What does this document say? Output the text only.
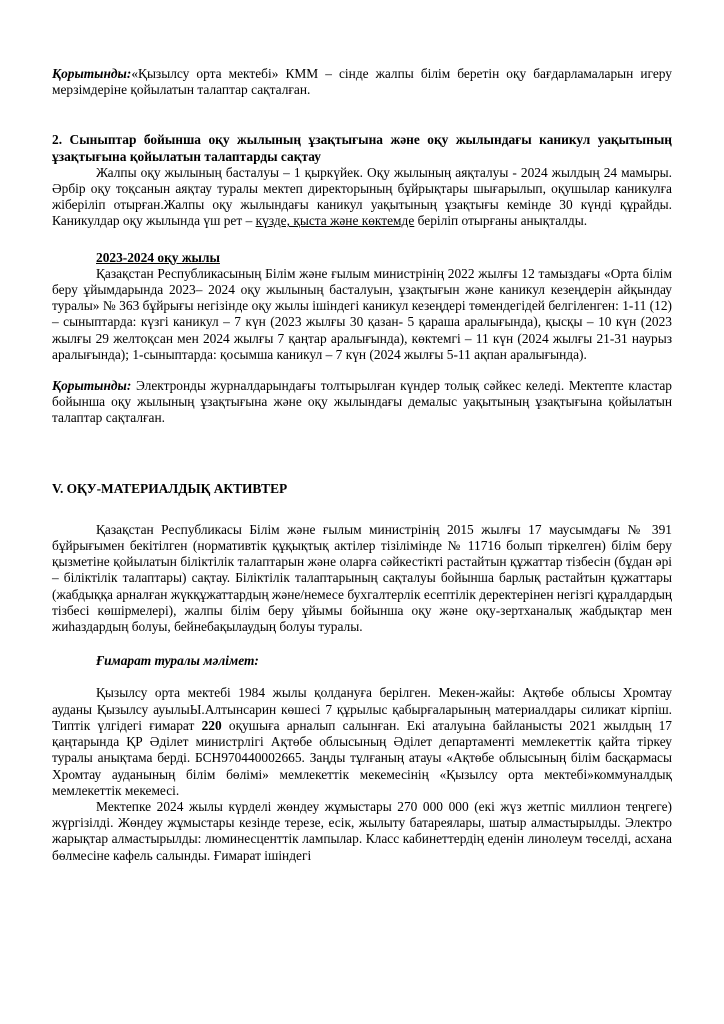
Қорытынды:«Қызылсу орта мектебі» КММ – сінде жалпы білім беретін оқу бағдарламаларын игеру мерзімдеріне қойылатын талаптар сақталған.

2. Сыныптар бойынша оқу жылының ұзақтығына және оқу жылындағы каникул уақытының ұзақтығына қойылатын талаптарды сақтау

Жалпы оқу жылының басталуы – 1 қыркүйек. Оқу жылының аяқталуы - 2024 жылдың 24 мамыры. Әрбір оқу тоқсанын аяқтау туралы мектеп директорының бұйрықтары шығарылып, оқушылар каникулға жіберіліп отырған.Жалпы оқу жылындағы каникул уақытының ұзақтығы кемінде 30 күнді құрайды. Каникулдар оқу жылында үш рет – күзде, қыста және көктемде беріліп отырғаны анықталды.

2023-2024 оқу жылы

Қазақстан Республикасының Білім және ғылым министрінің 2022 жылғы 12 тамыздағы «Орта білім беру ұйымдарында 2023– 2024 оқу жылының басталуын, ұзақтығын және каникул кезеңдерін айқындау туралы» № 363 бұйрығы негізінде оқу жылы ішіндегі каникул кезеңдері төмендегідей белгіленген: 1-11 (12) – сыныптарда: күзгі каникул – 7 күн (2023 жылғы 30 қазан- 5 қараша аралығында), қысқы – 10 күн (2023 жылғы 29 желтоқсан мен 2024 жылғы 7 қаңтар аралығында), көктемгі – 11 күн (2024 жылғы 21-31 наурыз аралығында); 1-сыныптарда: қосымша каникул – 7 күн (2024 жылғы 5-11 ақпан аралығында).

Қорытынды: Электронды журналдарындағы толтырылған күндер толық сәйкес келеді. Мектепте кластар бойынша оқу жылының ұзақтығына және оқу жылындағы демалыс уақытының ұзақтығына қойылатын талаптар сақталған.

V. ОҚУ-МАТЕРИАЛДЫҚ АКТИВТЕР

Қазақстан Республикасы Білім және ғылым министрінің 2015 жылғы 17 маусымдағы № 391 бұйрығымен бекітілген (нормативтік құқықтық актілер тізілімінде № 11716 болып тіркелген) білім беру қызметіне қойылатын біліктілік талаптарын және оларға сәйкестікті растайтын құжаттар тізбесін (бұдан әрі – біліктілік талаптары) сақтау. Біліктілік талаптарының сақталуы бойынша барлық растайтын құжаттары (жабдыққа арналған жүкқұжаттардың және/немесе бухгалтерлік есептілік деректерінен негізгі құралдардың тізбесі көшірмелері), жалпы білім беру ұйымы бойынша оқу және оқу-зертханалық жабдықтар мен жиһаздардың болуы, бейнебақылаудың болуы туралы.

Ғимарат туралы мәлімет:

Қызылсу орта мектебі 1984 жылы қолдануға берілген. Мекен-жайы: Ақтөбе облысы Хромтау ауданы Қызылсу ауылыЫ.Алтынсарин көшесі 7 құрылыс қабырғаларының материалдары силикат кірпіш. Типтік үлгідегі ғимарат 220 оқушыға арналып салынған. Екі аталуына байланысты 2021 жылдың 17 қаңтарында ҚР Әділет министрлігі Ақтөбе облысының Әділет департаменті мемлекеттік қайта тіркеу туралы анықтама берді. БСН970440002665. Заңды тұлғаның атауы «Ақтөбе облысының білім басқармасы Хромтау ауданының білім бөлімі» мемлекеттік мекемесінің «Қызылсу орта мектебі»коммуналдық мемлекеттік мекемесі.

Мектепке 2024 жылы күрделі жөндеу жұмыстары 270 000 000 (екі жүз жетпіс миллион теңгеге) жүргізілді. Жөндеу жұмыстары кезінде терезе, есік, жылыту батареялары, шатыр алмастырылды. Электро жарықтар алмастырылды: люминесценттік лампылар. Класс кабинеттердің еденін линолеум төселді, асхана бөлмесіне кафель салынды. Ғимарат ішіндегі
